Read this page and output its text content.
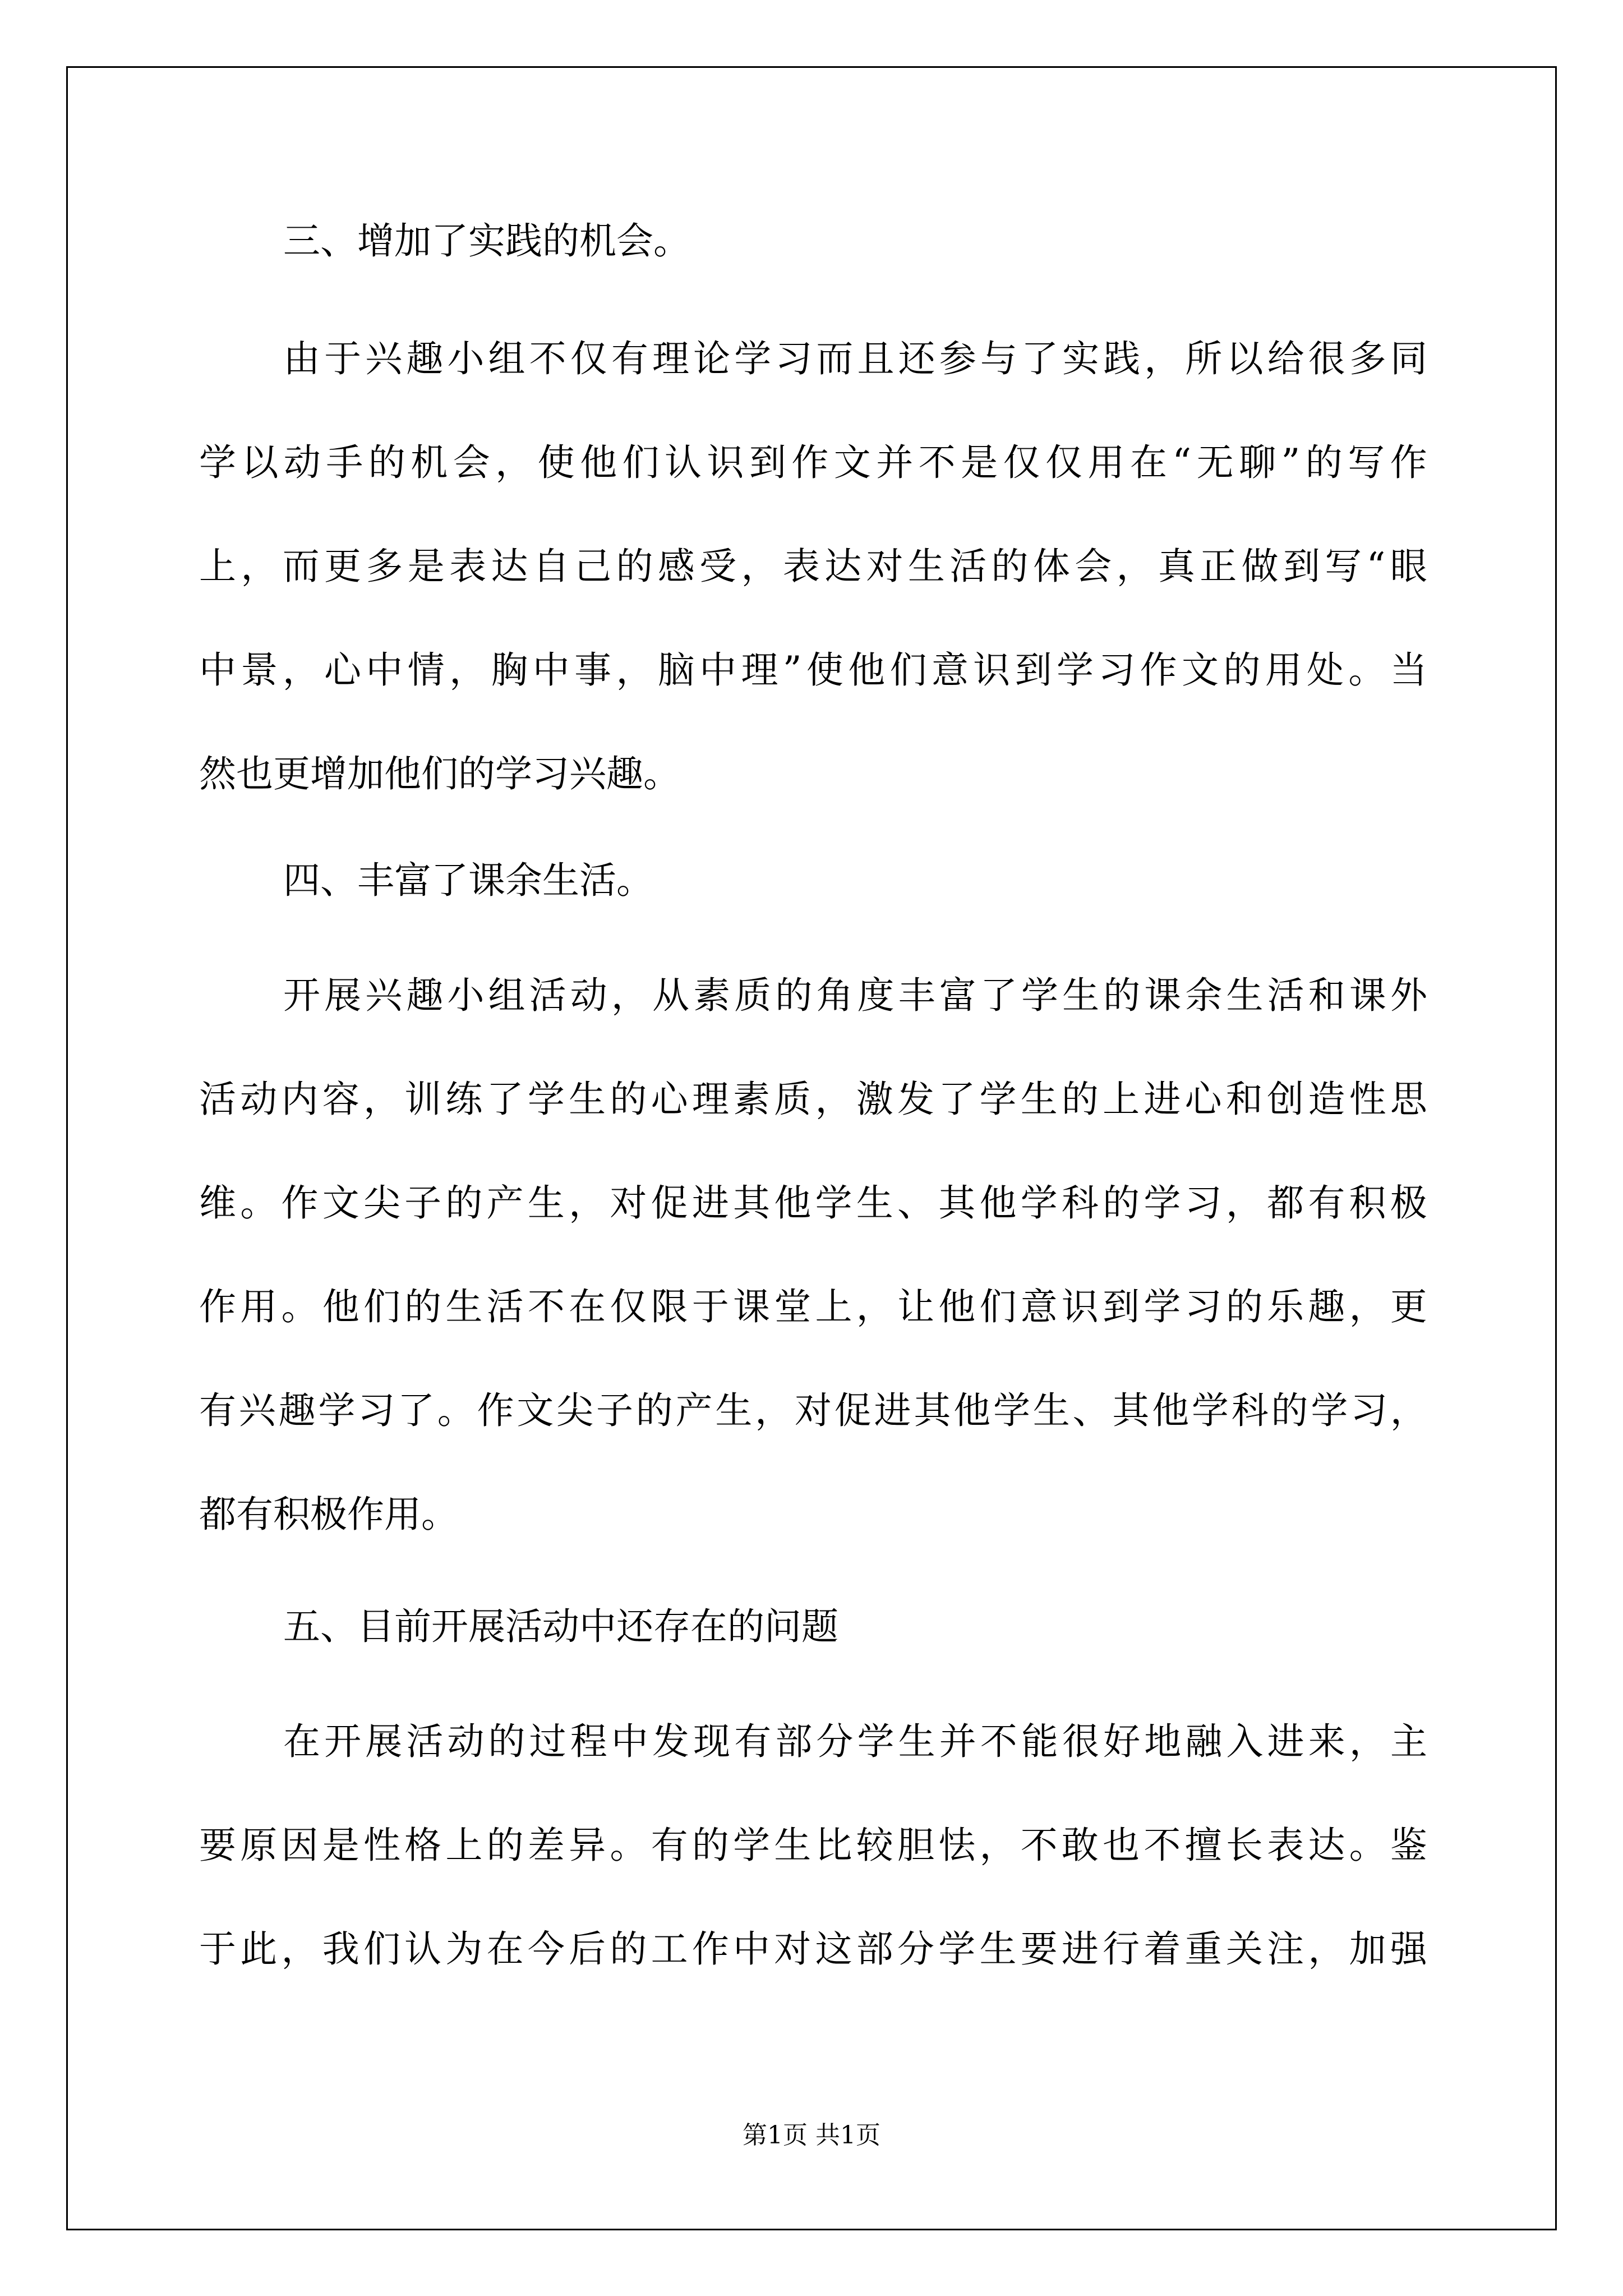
三、增加了实践的机会。
由 于 兴 趣 小 组 不 仅 有 理 论 学 习 而 且 还 参 与 了 实 践 ， 所 以 给 很 多 同
学 以 动 手 的 机 会 ， 使 他 们 认 识 到 作 文 并 不 是 仅 仅 用 在 “ 无 聊 ” 的 写 作
上 ， 而 更 多 是 表 达 自 己 的 感 受 ， 表 达 对 生 活 的 体 会 ， 真 正 做 到 写 “ 眼
中 景 ， 心 中 情 ， 胸 中 事 ， 脑 中 理 ” 使 他 们 意 识 到 学 习 作 文 的 用 处 。 当
然也更增加他们的学习兴趣。
四、丰富了课余生活。
开 展 兴 趣 小 组 活 动 ， 从 素 质 的 角 度 丰 富 了 学 生 的 课 余 生 活 和 课 外
活 动 内 容 ， 训 练 了 学 生 的 心 理 素 质 ， 激 发 了 学 生 的 上 进 心 和 创 造 性 思
维 。 作 文 尖 子 的 产 生 ， 对 促 进 其 他 学 生 、 其 他 学 科 的 学 习 ， 都 有 积 极
作 用 。 他 们 的 生 活 不 在 仅 限 于 课 堂 上 ， 让 他 们 意 识 到 学 习 的 乐 趣 ， 更
有 兴 趣 学 习 了 。 作 文 尖 子 的 产 生 ， 对 促 进 其 他 学 生 、 其 他 学 科 的 学 习 ，
都有积极作用。
五、目前开展活动中还存在的问题
在 开 展 活 动 的 过 程 中 发 现 有 部 分 学 生 并 不 能 很 好 地 融 入 进 来 ， 主
要 原 因 是 性 格 上 的 差 异 。 有 的 学 生 比 较 胆 怯 ， 不 敢 也 不 擅 长 表 达 。 鉴
于 此 ， 我 们 认 为 在 今 后 的 工 作 中 对 这 部 分 学 生 要 进 行 着 重 关 注 ， 加 强
第1页 共1页
